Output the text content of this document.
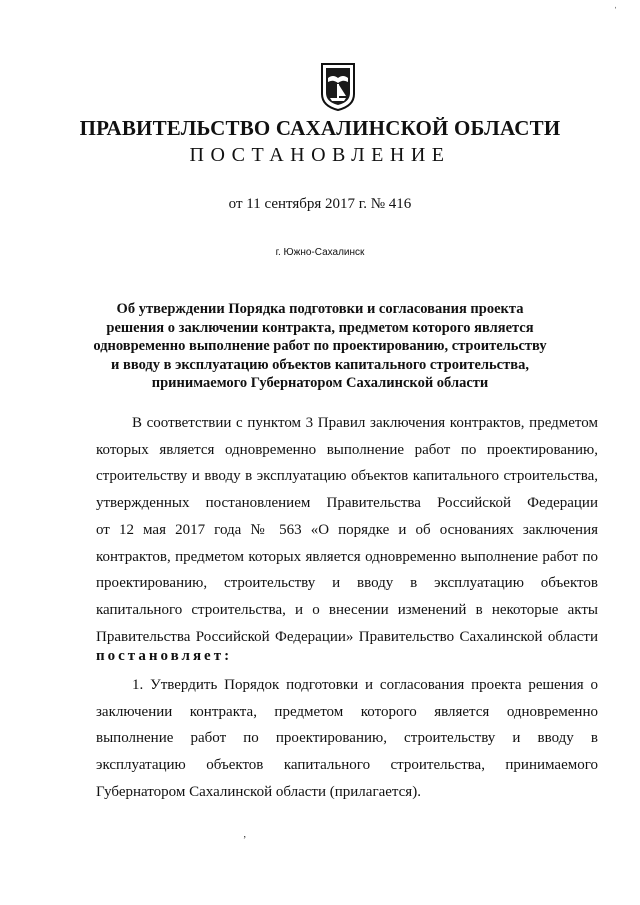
ПРАВИТЕЛЬСТВО САХАЛИНСКОЙ ОБЛАСТИ
ПОСТАНОВЛЕНИЕ
от 11 сентября 2017 г. № 416
г. Южно-Сахалинск
Об утверждении Порядка подготовки и согласования проекта
решения о заключении контракта, предметом которого является
одновременно выполнение работ по проектированию, строительству
и вводу в эксплуатацию объектов капитального строительства,
принимаемого Губернатором Сахалинской области
В соответствии с пунктом 3 Правил заключения контрактов, предметом
которых является одновременно выполнение работ по проектированию,
строительству и вводу в эксплуатацию объектов капитального строительства,
утвержденных постановлением Правительства Российской Федерации
от 12 мая 2017 года № 563 «О порядке и об основаниях заключения
контрактов, предметом которых является одновременно выполнение работ по
проектированию, строительству и вводу в эксплуатацию объектов
капитального строительства, и о внесении изменений в некоторые акты
Правительства Российской Федерации» Правительство Сахалинской области
постановляет:
1. Утвердить Порядок подготовки и согласования проекта решения о
заключении контракта, предметом которого является одновременно
выполнение работ по проектированию, строительству и вводу в
эксплуатацию объектов капитального строительства, принимаемого
Губернатором Сахалинской области (прилагается).
ʼ
ˈ
